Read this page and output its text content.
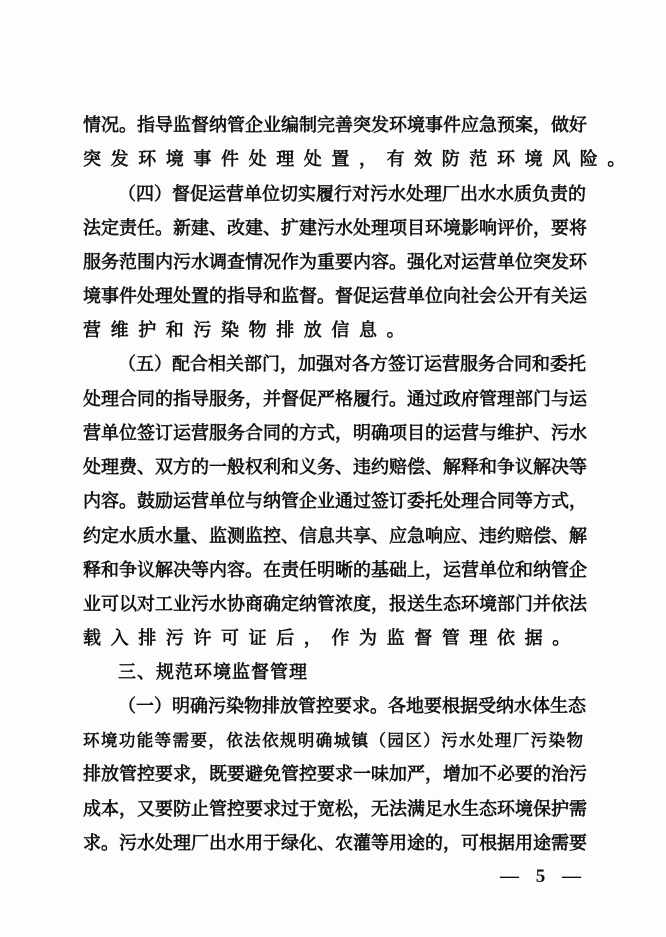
情况。指导监督纳管企业编制完善突发环境事件应急预案，做好
突发环境事件处理处置，有效防范环境风险。
（四）督促运营单位切实履行对污水处理厂出水水质负责的
法定责任。新建、改建、扩建污水处理项目环境影响评价，要将
服务范围内污水调查情况作为重要内容。强化对运营单位突发环
境事件处理处置的指导和监督。督促运营单位向社会公开有关运
营维护和污染物排放信息。
（五）配合相关部门，加强对各方签订运营服务合同和委托
处理合同的指导服务，并督促严格履行。通过政府管理部门与运
营单位签订运营服务合同的方式，明确项目的运营与维护、污水
处理费、双方的一般权利和义务、违约赔偿、解释和争议解决等
内容。鼓励运营单位与纳管企业通过签订委托处理合同等方式，
约定水质水量、监测监控、信息共享、应急响应、违约赔偿、解
释和争议解决等内容。在责任明晰的基础上，运营单位和纳管企
业可以对工业污水协商确定纳管浓度，报送生态环境部门并依法
载入排污许可证后，作为监督管理依据。
三、规范环境监督管理
（一）明确污染物排放管控要求。各地要根据受纳水体生态
环境功能等需要，依法依规明确城镇（园区）污水处理厂污染物
排放管控要求，既要避免管控要求一味加严，增加不必要的治污
成本，又要防止管控要求过于宽松，无法满足水生态环境保护需
求。污水处理厂出水用于绿化、农灌等用途的，可根据用途需要
— 5 —
